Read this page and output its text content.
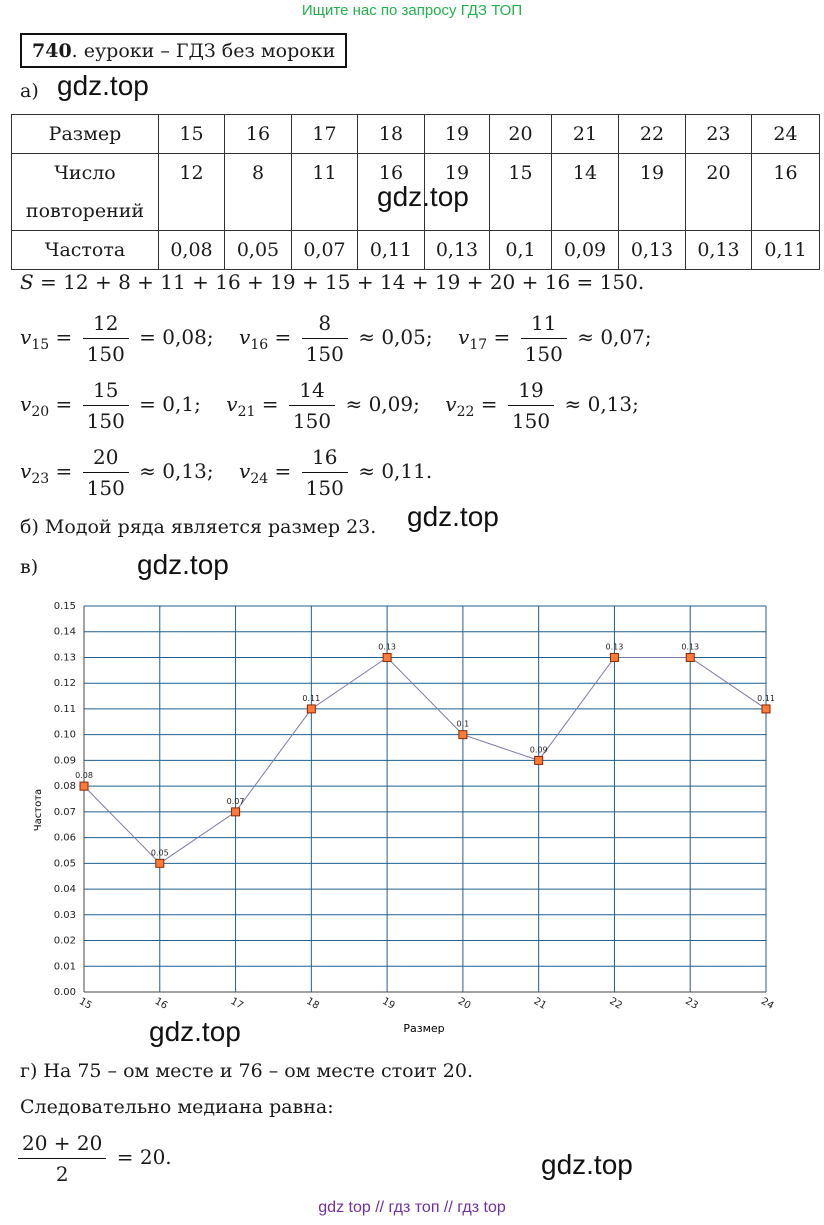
Ищите нас по запросу ГДЗ ТОП
740 . еуроки – ГДЗ без мороки
а) gdz.top
Размер	15	16	17	18	19	20	21	22	23	24
Число
повторений	12	8	11	16	19	15	14	19	20	16
Частота	0,08	0,05	0,07	0,11	0,13	0,1	0,09	0,13	0,13	0,11
gdz.top
S = 12 + 8 + 11 + 16 + 19 + 15 + 14 + 19 + 20 + 16 = 150.
$v_{15} = \frac{12}{150} = 0,08$; $v_{16} = \frac{8}{150} \approx 0,05$; $v_{17} = \frac{11}{150} \approx 0,07$;
$v_{20} = \frac{15}{150} = 0,1$; $v_{21} = \frac{14}{150} \approx 0,09$; $v_{22} = \frac{19}{150} \approx 0,13$;
$v_{23} = \frac{20}{150} \approx 0,13$; $v_{24} = \frac{16}{150} \approx 0,11$.
б) Модой ряда является размер 23. gdz.top
в)	gdz.top
0.00
0.01
0.02
0.03
0.04
0.05
0.06
0.07
0.08
0.09
0.10
0.11
0.12
0.13
0.14
0.15
15	16	17	18	19	20	21	22	23	24
0.08
0.05
0.07
0.11
0.13
0.1
0.09
0.13	0.13
0.11
Частота
Размер
gdz.top
г) На 75 – ом месте и 76 – ом месте стоит 20.
Следовательно медиана равна:
$\frac{20 + 20}{2} = 20$.	gdz.top
gdz top // гдз топ // гдз top
